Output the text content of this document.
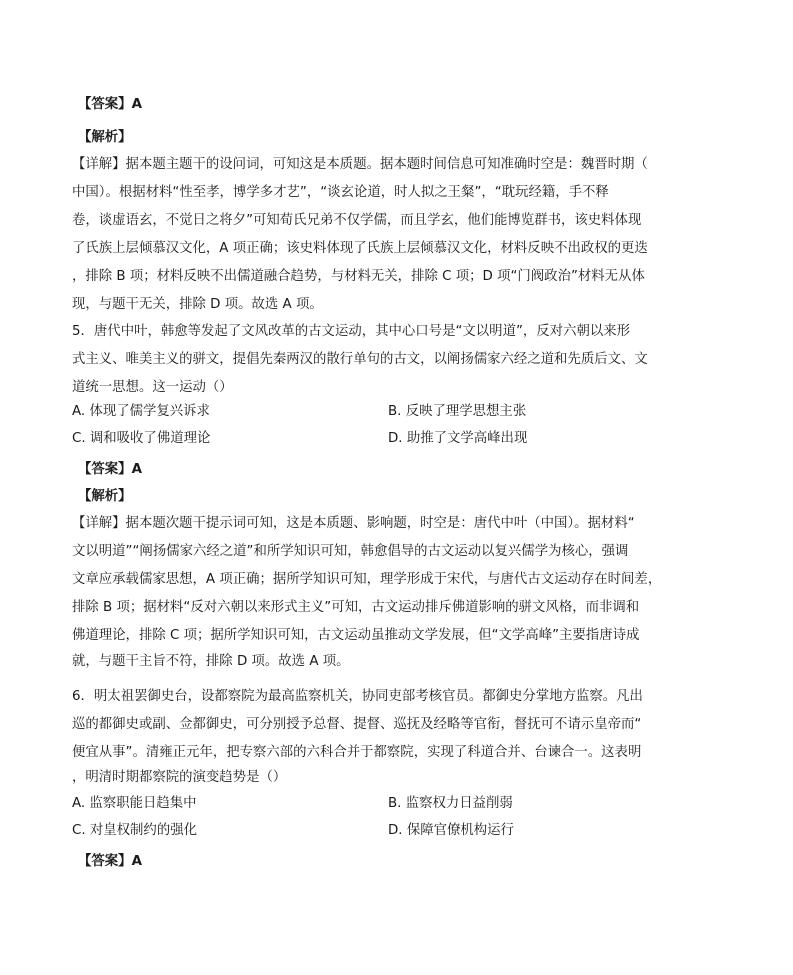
【答案】A
【解析】
【详解】据本题主题干的设问词，可知这是本质题。据本题时间信息可知准确时空是：魏晋时期（
中国）。根据材料“性至孝，博学多才艺”，“谈玄论道，时人拟之王粲”，“耽玩经籍，手不释
卷，谈虚语玄，不觉日之将夕”可知荀氏兄弟不仅学儒，而且学玄，他们能博览群书，该史料体现
了氏族上层倾慕汉文化，A 项正确；该史料体现了氏族上层倾慕汉文化，材料反映不出政权的更迭
，排除 B 项；材料反映不出儒道融合趋势，与材料无关，排除 C 项；D 项“门阀政治”材料无从体
现，与题干无关，排除 D 项。故选 A 项。
5．唐代中叶，韩愈等发起了文风改革的古文运动，其中心口号是“文以明道”，反对六朝以来形
式主义、唯美主义的骈文，提倡先秦两汉的散行单句的古文，以阐扬儒家六经之道和先质后文、文
道统一思想。这一运动（）
A. 体现了儒学复兴诉求	B. 反映了理学思想主张
C. 调和吸收了佛道理论	D. 助推了文学高峰出现
【答案】A
【解析】
【详解】据本题次题干提示词可知，这是本质题、影响题，时空是：唐代中叶（中国）。据材料“
文以明道”“阐扬儒家六经之道”和所学知识可知，韩愈倡导的古文运动以复兴儒学为核心，强调
文章应承载儒家思想，A 项正确；据所学知识可知，理学形成于宋代，与唐代古文运动存在时间差，
排除 B 项；据材料“反对六朝以来形式主义”可知，古文运动排斥佛道影响的骈文风格，而非调和
佛道理论，排除 C 项；据所学知识可知，古文运动虽推动文学发展，但“文学高峰”主要指唐诗成
就，与题干主旨不符，排除 D 项。故选 A 项。
6．明太祖罢御史台，设都察院为最高监察机关，协同吏部考核官员。都御史分掌地方监察。凡出
巡的都御史或副、佥都御史，可分别授予总督、提督、巡抚及经略等官衔，督抚可不请示皇帝而“
便宜从事”。清雍正元年，把专察六部的六科合并于都察院，实现了科道合并、台谏合一。这表明
，明清时期都察院的演变趋势是（）
A. 监察职能日趋集中	B. 监察权力日益削弱
C. 对皇权制约的强化	D. 保障官僚机构运行
【答案】A
